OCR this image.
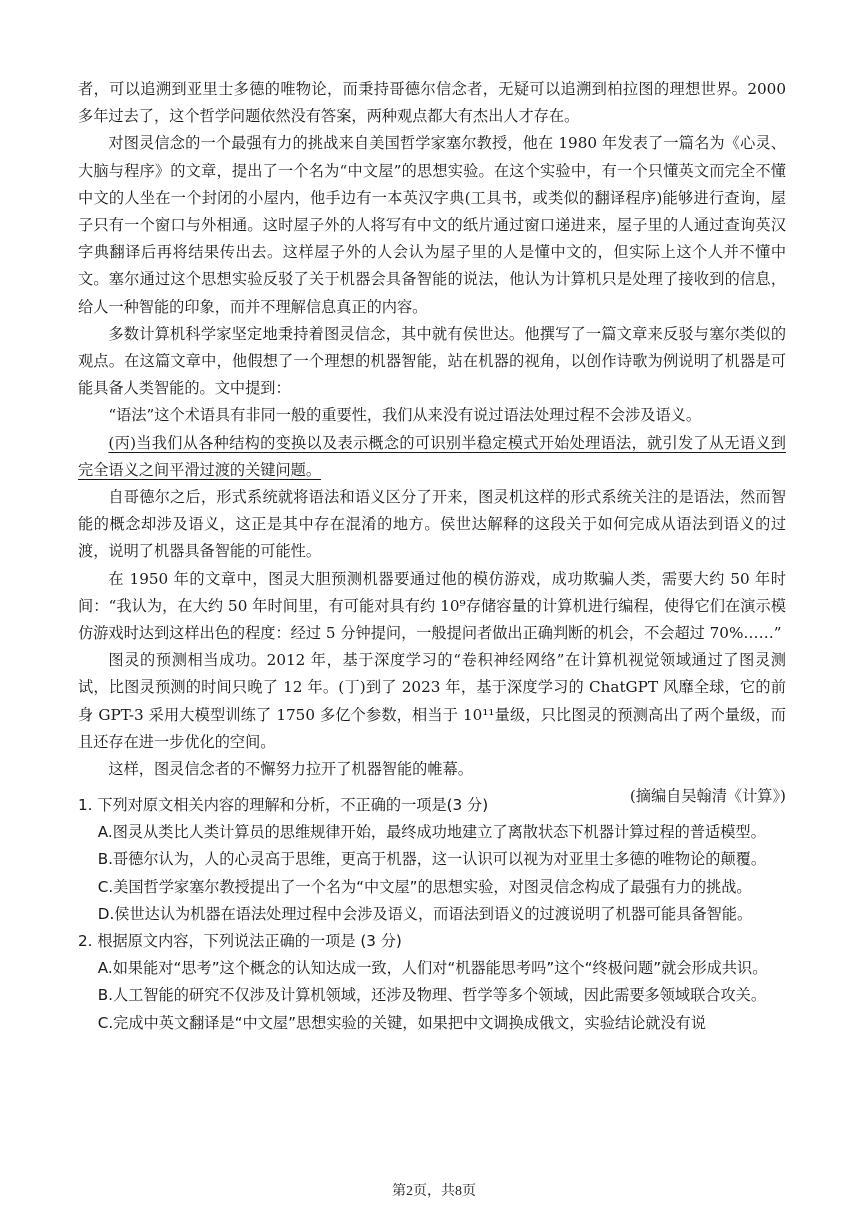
者，可以追溯到亚里士多德的唯物论，而秉持哥德尔信念者，无疑可以追溯到柏拉图的理想世界。2000 多年过去了，这个哲学问题依然没有答案，两种观点都大有杰出人才存在。

对图灵信念的一个最强有力的挑战来自美国哲学家塞尔教授，他在 1980 年发表了一篇名为《心灵、大脑与程序》的文章，提出了一个名为“中文屋”的思想实验。在这个实验中，有一个只懂英文而完全不懂中文的人坐在一个封闭的小屋内，他手边有一本英汉字典(工具书，或类似的翻译程序)能够进行查询，屋子只有一个窗口与外相通。这时屋子外的人将写有中文的纸片通过窗口递进来，屋子里的人通过查询英汉字典翻译后再将结果传出去。这样屋子外的人会认为屋子里的人是懂中文的，但实际上这个人并不懂中文。塞尔通过这个思想实验反驳了关于机器会具备智能的说法，他认为计算机只是处理了接收到的信息，给人一种智能的印象，而并不理解信息真正的内容。

多数计算机科学家坚定地秉持着图灵信念，其中就有侯世达。他撰写了一篇文章来反驳与塞尔类似的观点。在这篇文章中，他假想了一个理想的机器智能，站在机器的视角，以创作诗歌为例说明了机器是可能具备人类智能的。文中提到：

“语法”这个术语具有非同一般的重要性，我们从来没有说过语法处理过程不会涉及语义。

(丙)当我们从各种结构的变换以及表示概念的可识别半稳定模式开始处理语法，就引发了从无语义到完全语义之间平滑过渡的关键问题。

自哥德尔之后，形式系统就将语法和语义区分了开来，图灵机这样的形式系统关注的是语法，然而智能的概念却涉及语义，这正是其中存在混淆的地方。侯世达解释的这段关于如何完成从语法到语义的过渡，说明了机器具备智能的可能性。

在 1950 年的文章中，图灵大胆预测机器要通过他的模仿游戏，成功欺骗人类，需要大约 50 年时间：“我认为，在大约 50 年时间里，有可能对具有约 10⁹存储容量的计算机进行编程，使得它们在演示模仿游戏时达到这样出色的程度：经过 5 分钟提问，一般提问者做出正确判断的机会，不会超过 70%……”

图灵的预测相当成功。2012 年，基于深度学习的“卷积神经网络”在计算机视觉领域通过了图灵测试，比图灵预测的时间只晚了 12 年。(丁)到了 2023 年，基于深度学习的 ChatGPT 风靡全球，它的前身 GPT-3 采用大模型训练了 1750 多亿个参数，相当于 10¹¹量级，只比图灵的预测高出了两个量级，而且还存在进一步优化的空间。

这样，图灵信念者的不懈努力拉开了机器智能的帷幕。

(摘编自吴翰清《计算》)

1. 下列对原文相关内容的理解和分析，不正确的一项是(3 分)

A.图灵从类比人类计算员的思维规律开始，最终成功地建立了离散状态下机器计算过程的普适模型。

B.哥德尔认为，人的心灵高于思维，更高于机器，这一认识可以视为对亚里士多德的唯物论的颠覆。

C.美国哲学家塞尔教授提出了一个名为“中文屋”的思想实验，对图灵信念构成了最强有力的挑战。

D.侯世达认为机器在语法处理过程中会涉及语义，而语法到语义的过渡说明了机器可能具备智能。

2. 根据原文内容，下列说法正确的一项是 (3 分)

A.如果能对“思考”这个概念的认知达成一致，人们对“机器能思考吗”这个“终极问题”就会形成共识。

B.人工智能的研究不仅涉及计算机领域，还涉及物理、哲学等多个领域，因此需要多领域联合攻关。

C.完成中英文翻译是“中文屋”思想实验的关键，如果把中文调换成俄文，实验结论就没有说

第2页，共8页
